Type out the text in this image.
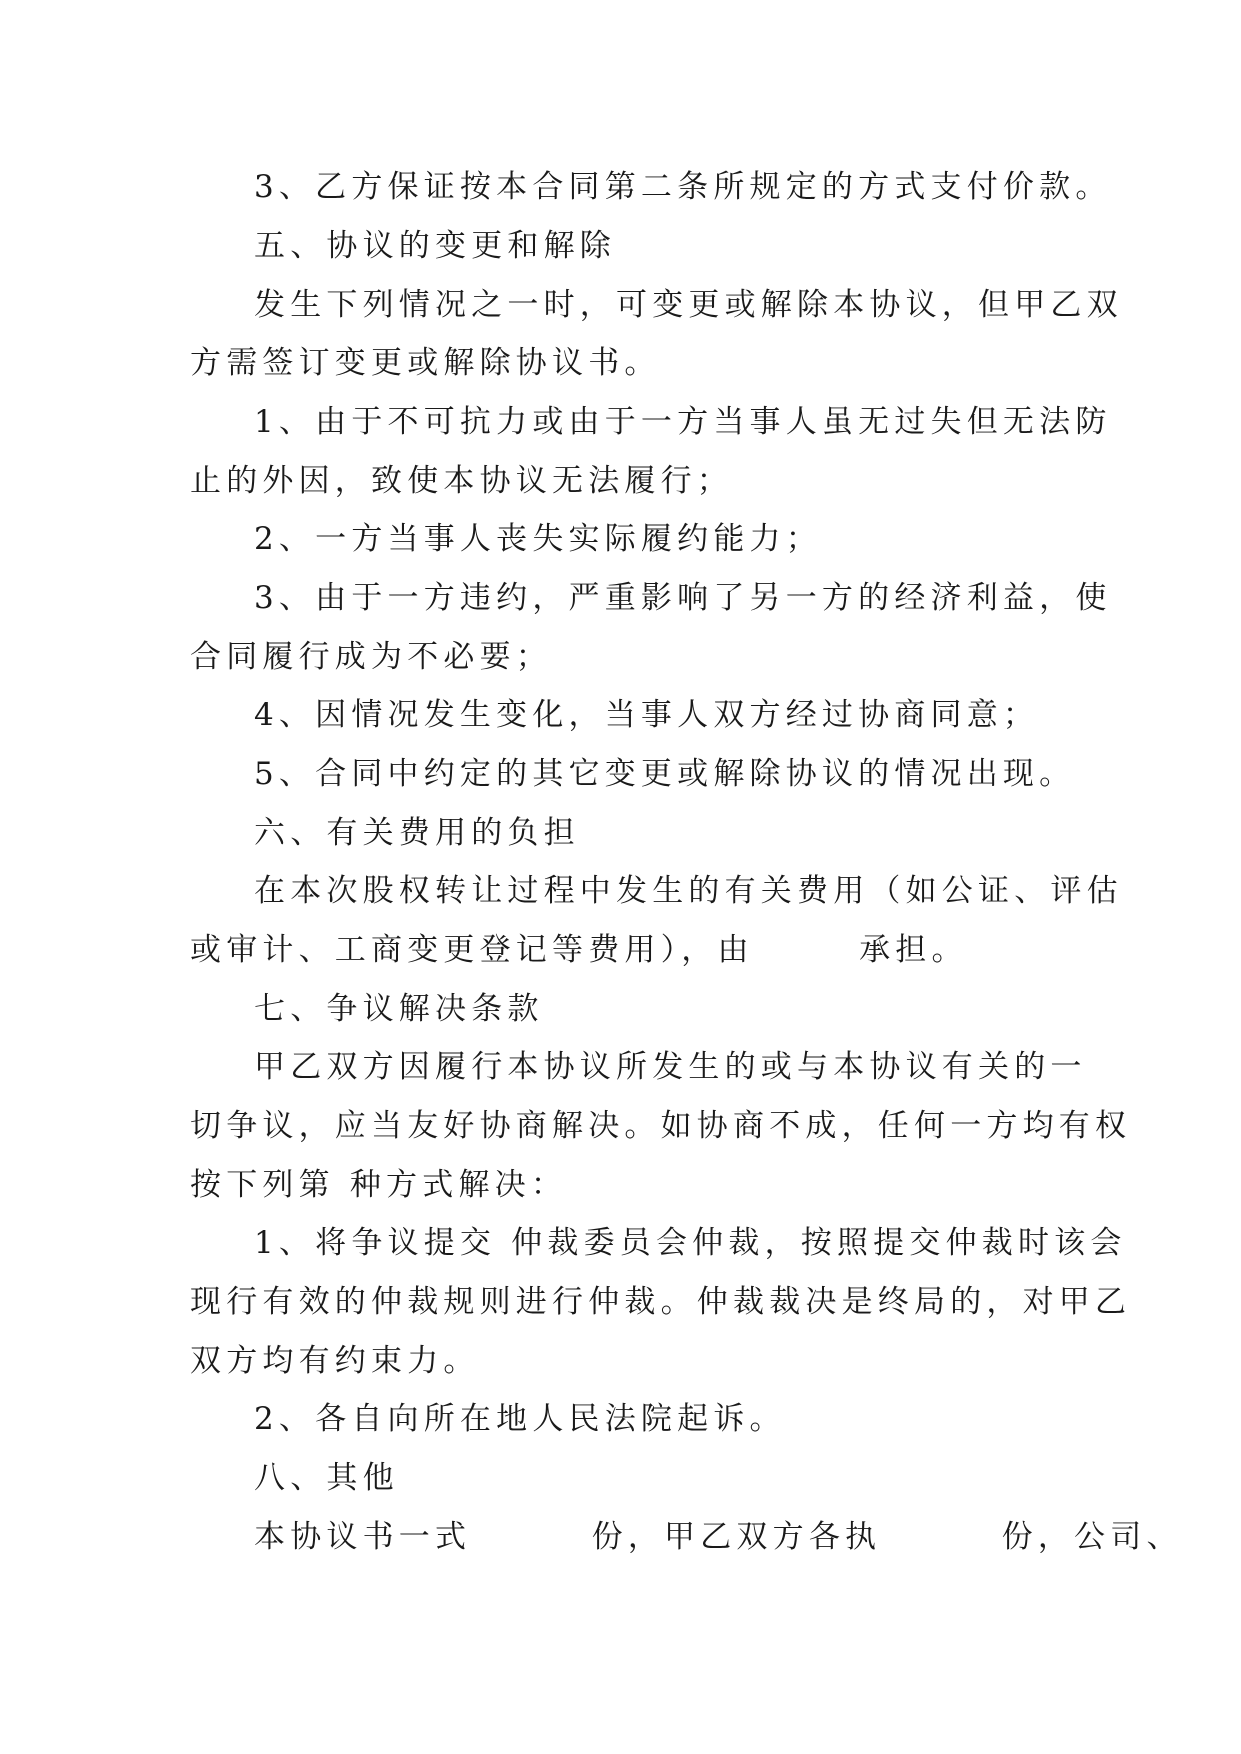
3、乙方保证按本合同第二条所规定的方式支付价款。

五、协议的变更和解除

发生下列情况之一时，可变更或解除本协议，但甲乙双

方需签订变更或解除协议书。

1、由于不可抗力或由于一方当事人虽无过失但无法防

止的外因，致使本协议无法履行；

2、一方当事人丧失实际履约能力；

3、由于一方违约，严重影响了另一方的经济利益，使

合同履行成为不必要；

4、因情况发生变化，当事人双方经过协商同意；

5、合同中约定的其它变更或解除协议的情况出现。

六、有关费用的负担

在本次股权转让过程中发生的有关费用（如公证、评估

或审计、工商变更登记等费用），由       承担。

七、争议解决条款

甲乙双方因履行本协议所发生的或与本协议有关的一

切争议，应当友好协商解决。如协商不成，任何一方均有权

按下列第 种方式解决：

1、将争议提交 仲裁委员会仲裁，按照提交仲裁时该会

现行有效的仲裁规则进行仲裁。仲裁裁决是终局的，对甲乙

双方均有约束力。

2、各自向所在地人民法院起诉。

八、其他

本协议书一式        份，甲乙双方各执        份，公司、
